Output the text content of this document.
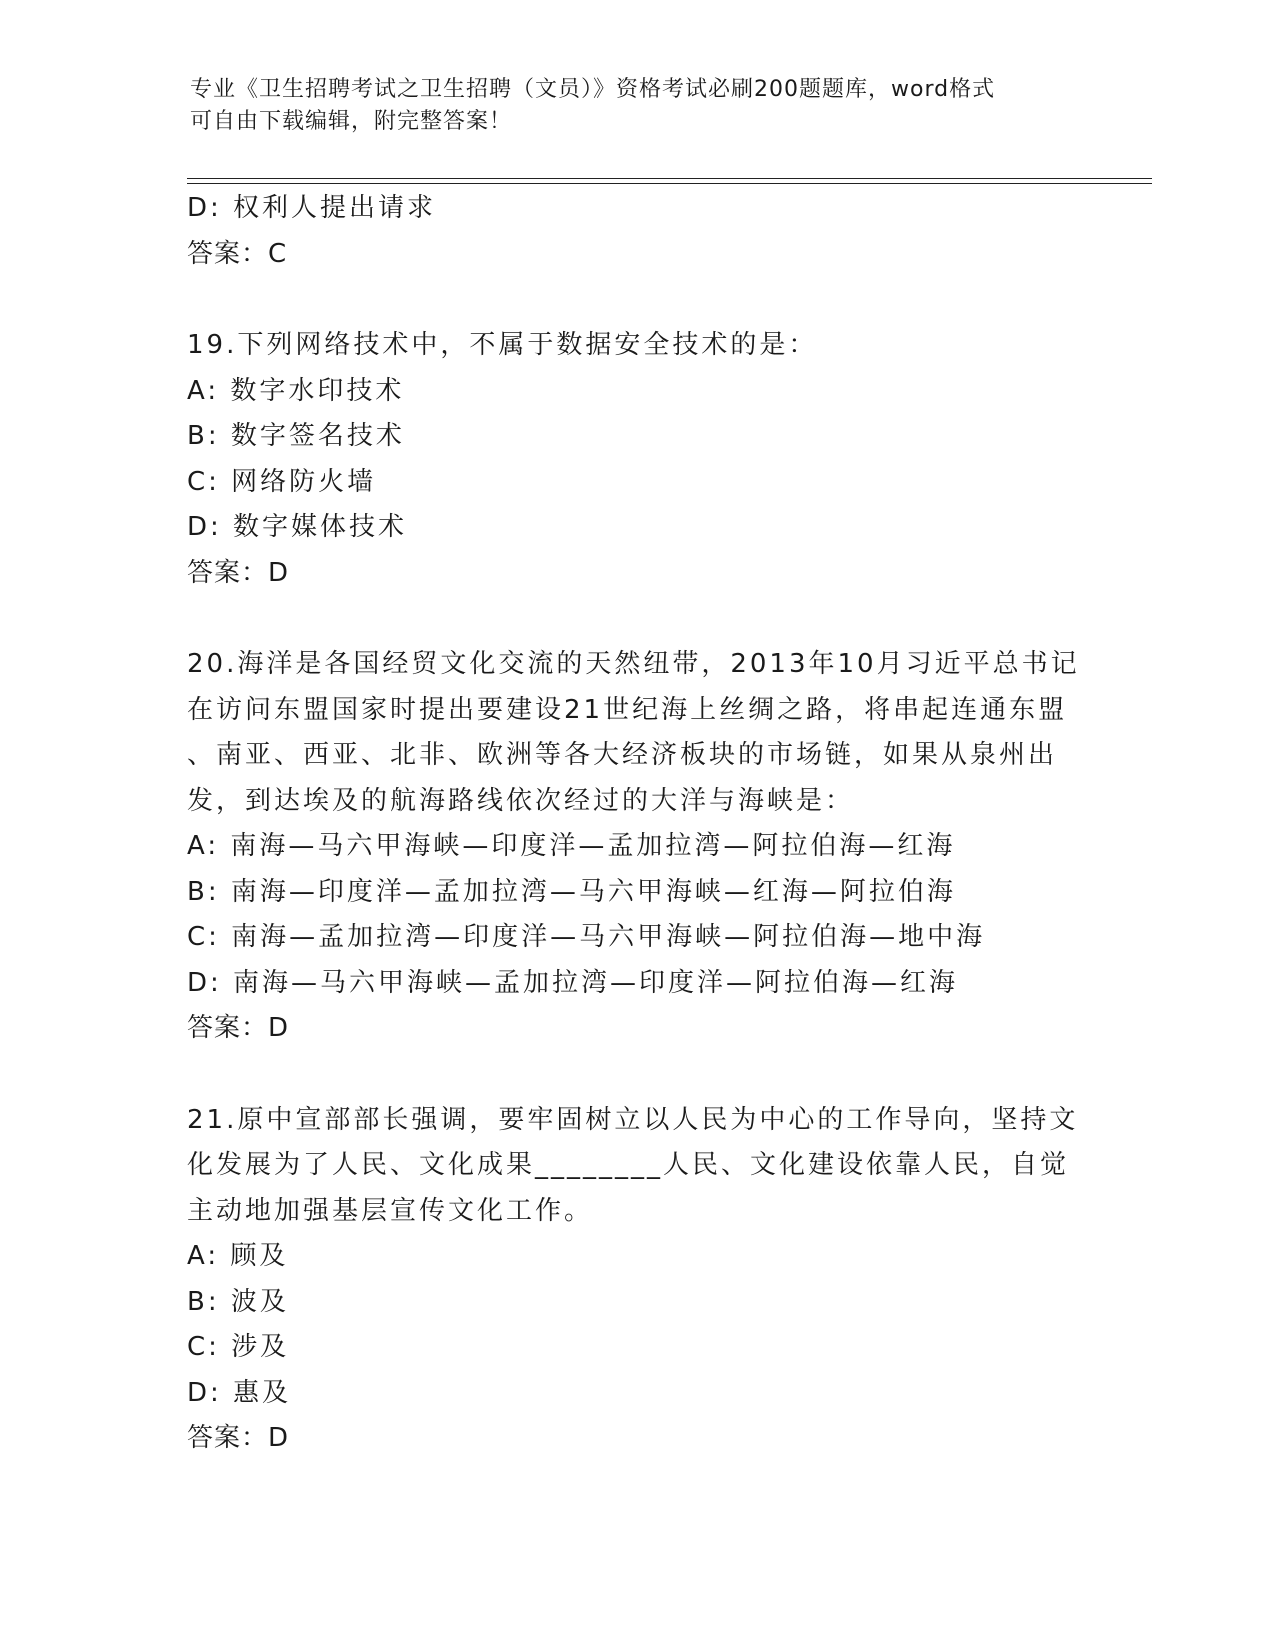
专业《卫生招聘考试之卫生招聘（文员）》资格考试必刷200题题库，word格式
可自由下载编辑，附完整答案！
D: 权利人提出请求
答案：C
19.下列网络技术中，不属于数据安全技术的是：
A: 数字水印技术
B: 数字签名技术
C: 网络防火墙
D: 数字媒体技术
答案：D
20.海洋是各国经贸文化交流的天然纽带，2013年10月习近平总书记
在访问东盟国家时提出要建设21世纪海上丝绸之路，将串起连通东盟
、南亚、西亚、北非、欧洲等各大经济板块的市场链，如果从泉州出
发，到达埃及的航海路线依次经过的大洋与海峡是：
A: 南海—马六甲海峡—印度洋—孟加拉湾—阿拉伯海—红海
B: 南海—印度洋—孟加拉湾—马六甲海峡—红海—阿拉伯海
C: 南海—孟加拉湾—印度洋—马六甲海峡—阿拉伯海—地中海
D: 南海—马六甲海峡—孟加拉湾—印度洋—阿拉伯海—红海
答案：D
21.原中宣部部长强调，要牢固树立以人民为中心的工作导向，坚持文
化发展为了人民、文化成果________人民、文化建设依靠人民，自觉
主动地加强基层宣传文化工作。
A: 顾及
B: 波及
C: 涉及
D: 惠及
答案：D
